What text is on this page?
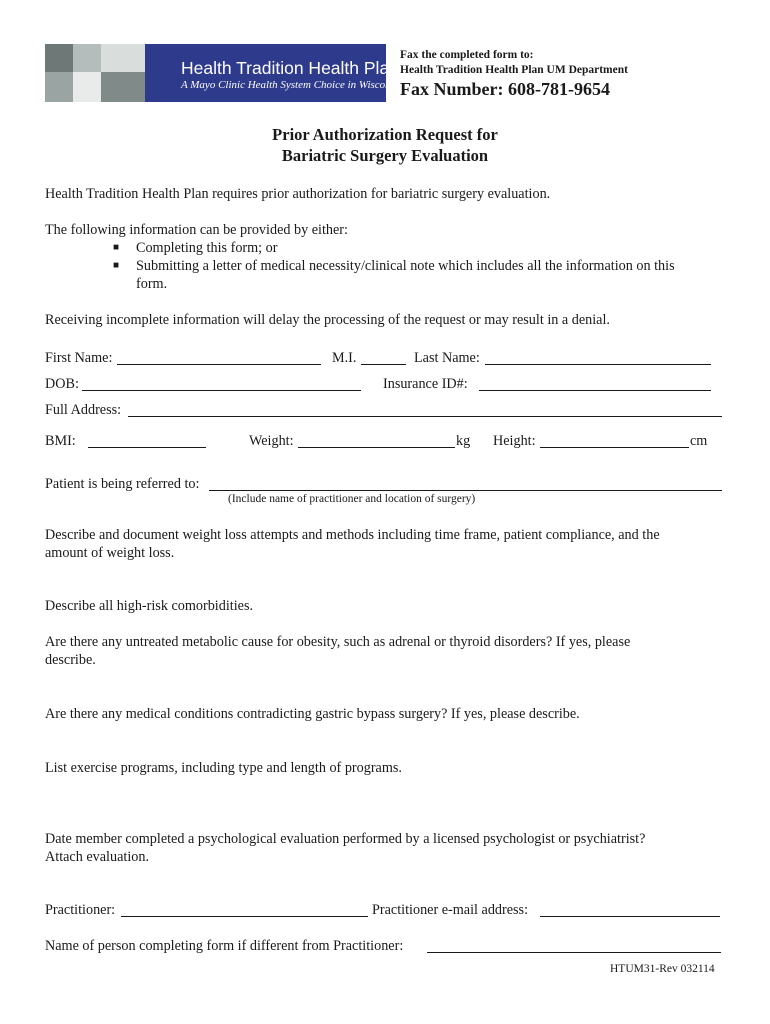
Health Tradition Health Plan
A Mayo Clinic Health System Choice in Wisconsin
Fax the completed form to:
Health Tradition Health Plan UM Department
Fax Number: 608-781-9654
Prior Authorization Request for
Bariatric Surgery Evaluation
Health Tradition Health Plan requires prior authorization for bariatric surgery evaluation.
The following information can be provided by either:
■ Completing this form; or
■ Submitting a letter of medical necessity/clinical note which includes all the information on this
form.
Receiving incomplete information will delay the processing of the request or may result in a denial.
First Name:	M.I.	Last Name:
DOB:	Insurance ID#:
Full Address:
BMI:	Weight:	kg Height:	cm
Patient is being referred to:
(Include name of practitioner and location of surgery)
Describe and document weight loss attempts and methods including time frame, patient compliance, and the
amount of weight loss.
Describe all high-risk comorbidities.
Are there any untreated metabolic cause for obesity, such as adrenal or thyroid disorders? If yes, please
describe.
Are there any medical conditions contradicting gastric bypass surgery? If yes, please describe.
List exercise programs, including type and length of programs.
Date member completed a psychological evaluation performed by a licensed psychologist or psychiatrist?
Attach evaluation.
Practitioner:	Practitioner e-mail address:
Name of person completing form if different from Practitioner:
HTUM31-Rev 032114
